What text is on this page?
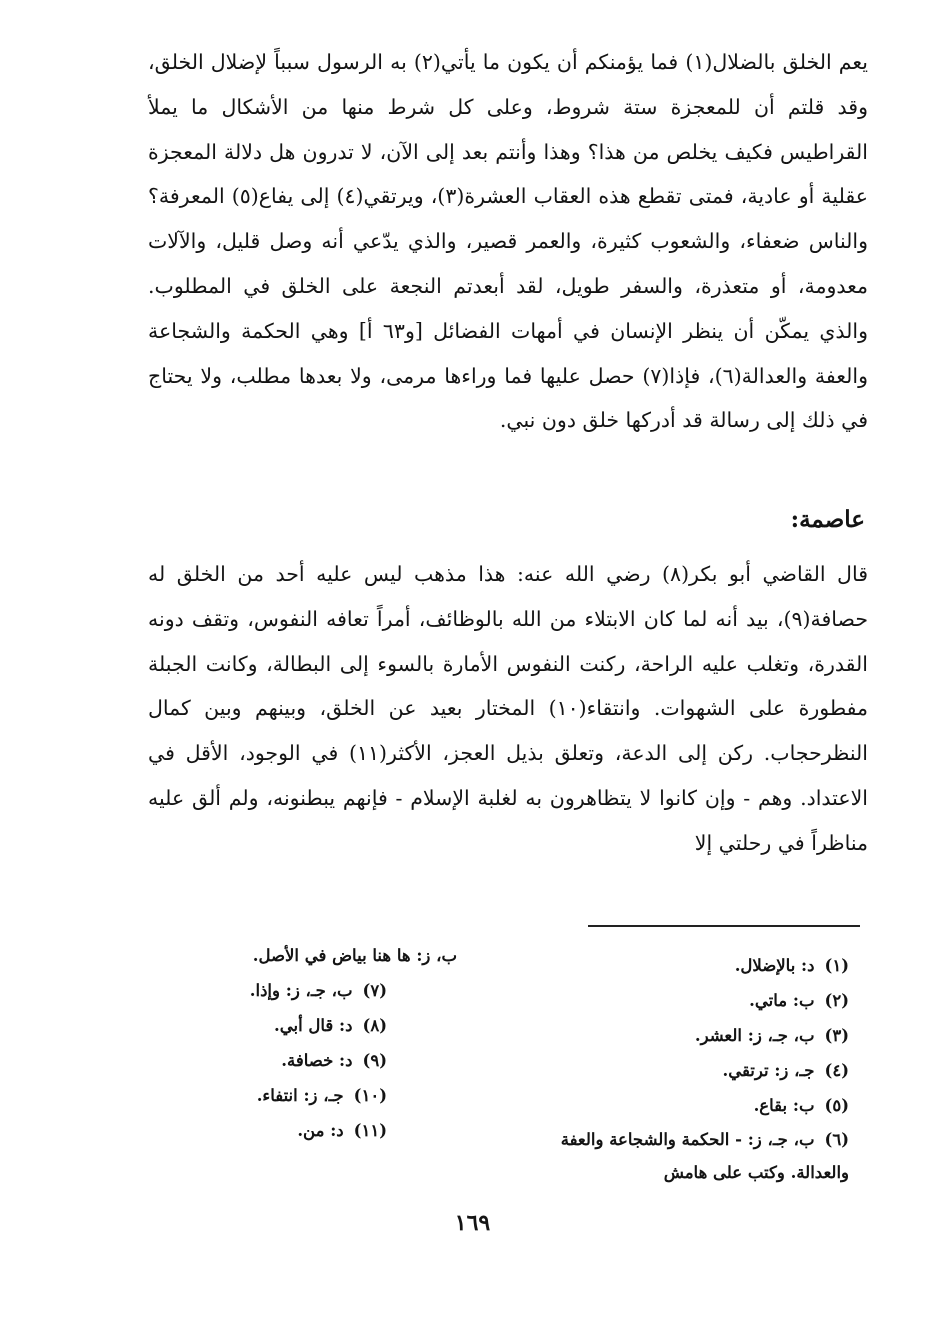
يعم الخلق بالضلال(١) فما يؤمنكم أن يكون ما يأتي(٢) به الرسول سبباً لإضلال الخلق، وقد قلتم أن للمعجزة ستة شروط، وعلى كل شرط منها من الأشكال ما يملأ القراطيس فكيف يخلص من هذا؟ وهذا وأنتم بعد إلى الآن، لا تدرون هل دلالة المعجزة عقلية أو عادية، فمتى تقطع هذه العقاب العشرة(٣)، ويرتقي(٤) إلى يفاع(٥) المعرفة؟ والناس ضعفاء، والشعوب كثيرة، والعمر قصير، والذي يدّعي أنه وصل قليل، والآلات معدومة، أو متعذرة، والسفر طويل، لقد أبعدتم النجعة على الخلق في المطلوب. والذي يمكّن أن ينظر الإنسان في أمهات الفضائل [و٦٣ أ] وهي الحكمة والشجاعة والعفة والعدالة(٦)، فإذا(٧) حصل عليها فما وراءها مرمى، ولا بعدها مطلب، ولا يحتاج في ذلك إلى رسالة قد أدركها خلق دون نبي.

عاصمة:

قال القاضي أبو بكر(٨) رضي الله عنه: هذا مذهب ليس عليه أحد من الخلق له حصافة(٩)، بيد أنه لما كان الابتلاء من الله بالوظائف، أمراً تعافه النفوس، وتقف دونه القدرة، وتغلب عليه الراحة، ركنت النفوس الأمارة بالسوء إلى البطالة، وكانت الجبلة مفطورة على الشهوات. وانتقاء(١٠) المختار بعيد عن الخلق، وبينهم وبين كمال النظرحجاب. ركن إلى الدعة، وتعلق بذيل العجز، الأكثر(١١) في الوجود، الأقل في الاعتداد. وهم - وإن كانوا لا يتظاهرون به لغلبة الإسلام - فإنهم يبطنونه، ولم ألق عليه مناظراً في رحلتي إلا

(١)د: بالإضلال.
(٢)ب: ماتي.
(٣)ب، جـ، ز: العشر.
(٤)جـ، ز: ترتقي.
(٥)ب: بقاع.
(٦)ب، جـ، ز: - الحكمة والشجاعة والعفة والعدالة. وكتب على هامش
ب، ز: ها هنا بياض في الأصل.
(٧)ب، جـ، ز: وإذا.
(٨)د: قال أبي.
(٩)د: خصافة.
(١٠)جـ، ز: انتفاء.
(١١)د: من.
١٦٩
